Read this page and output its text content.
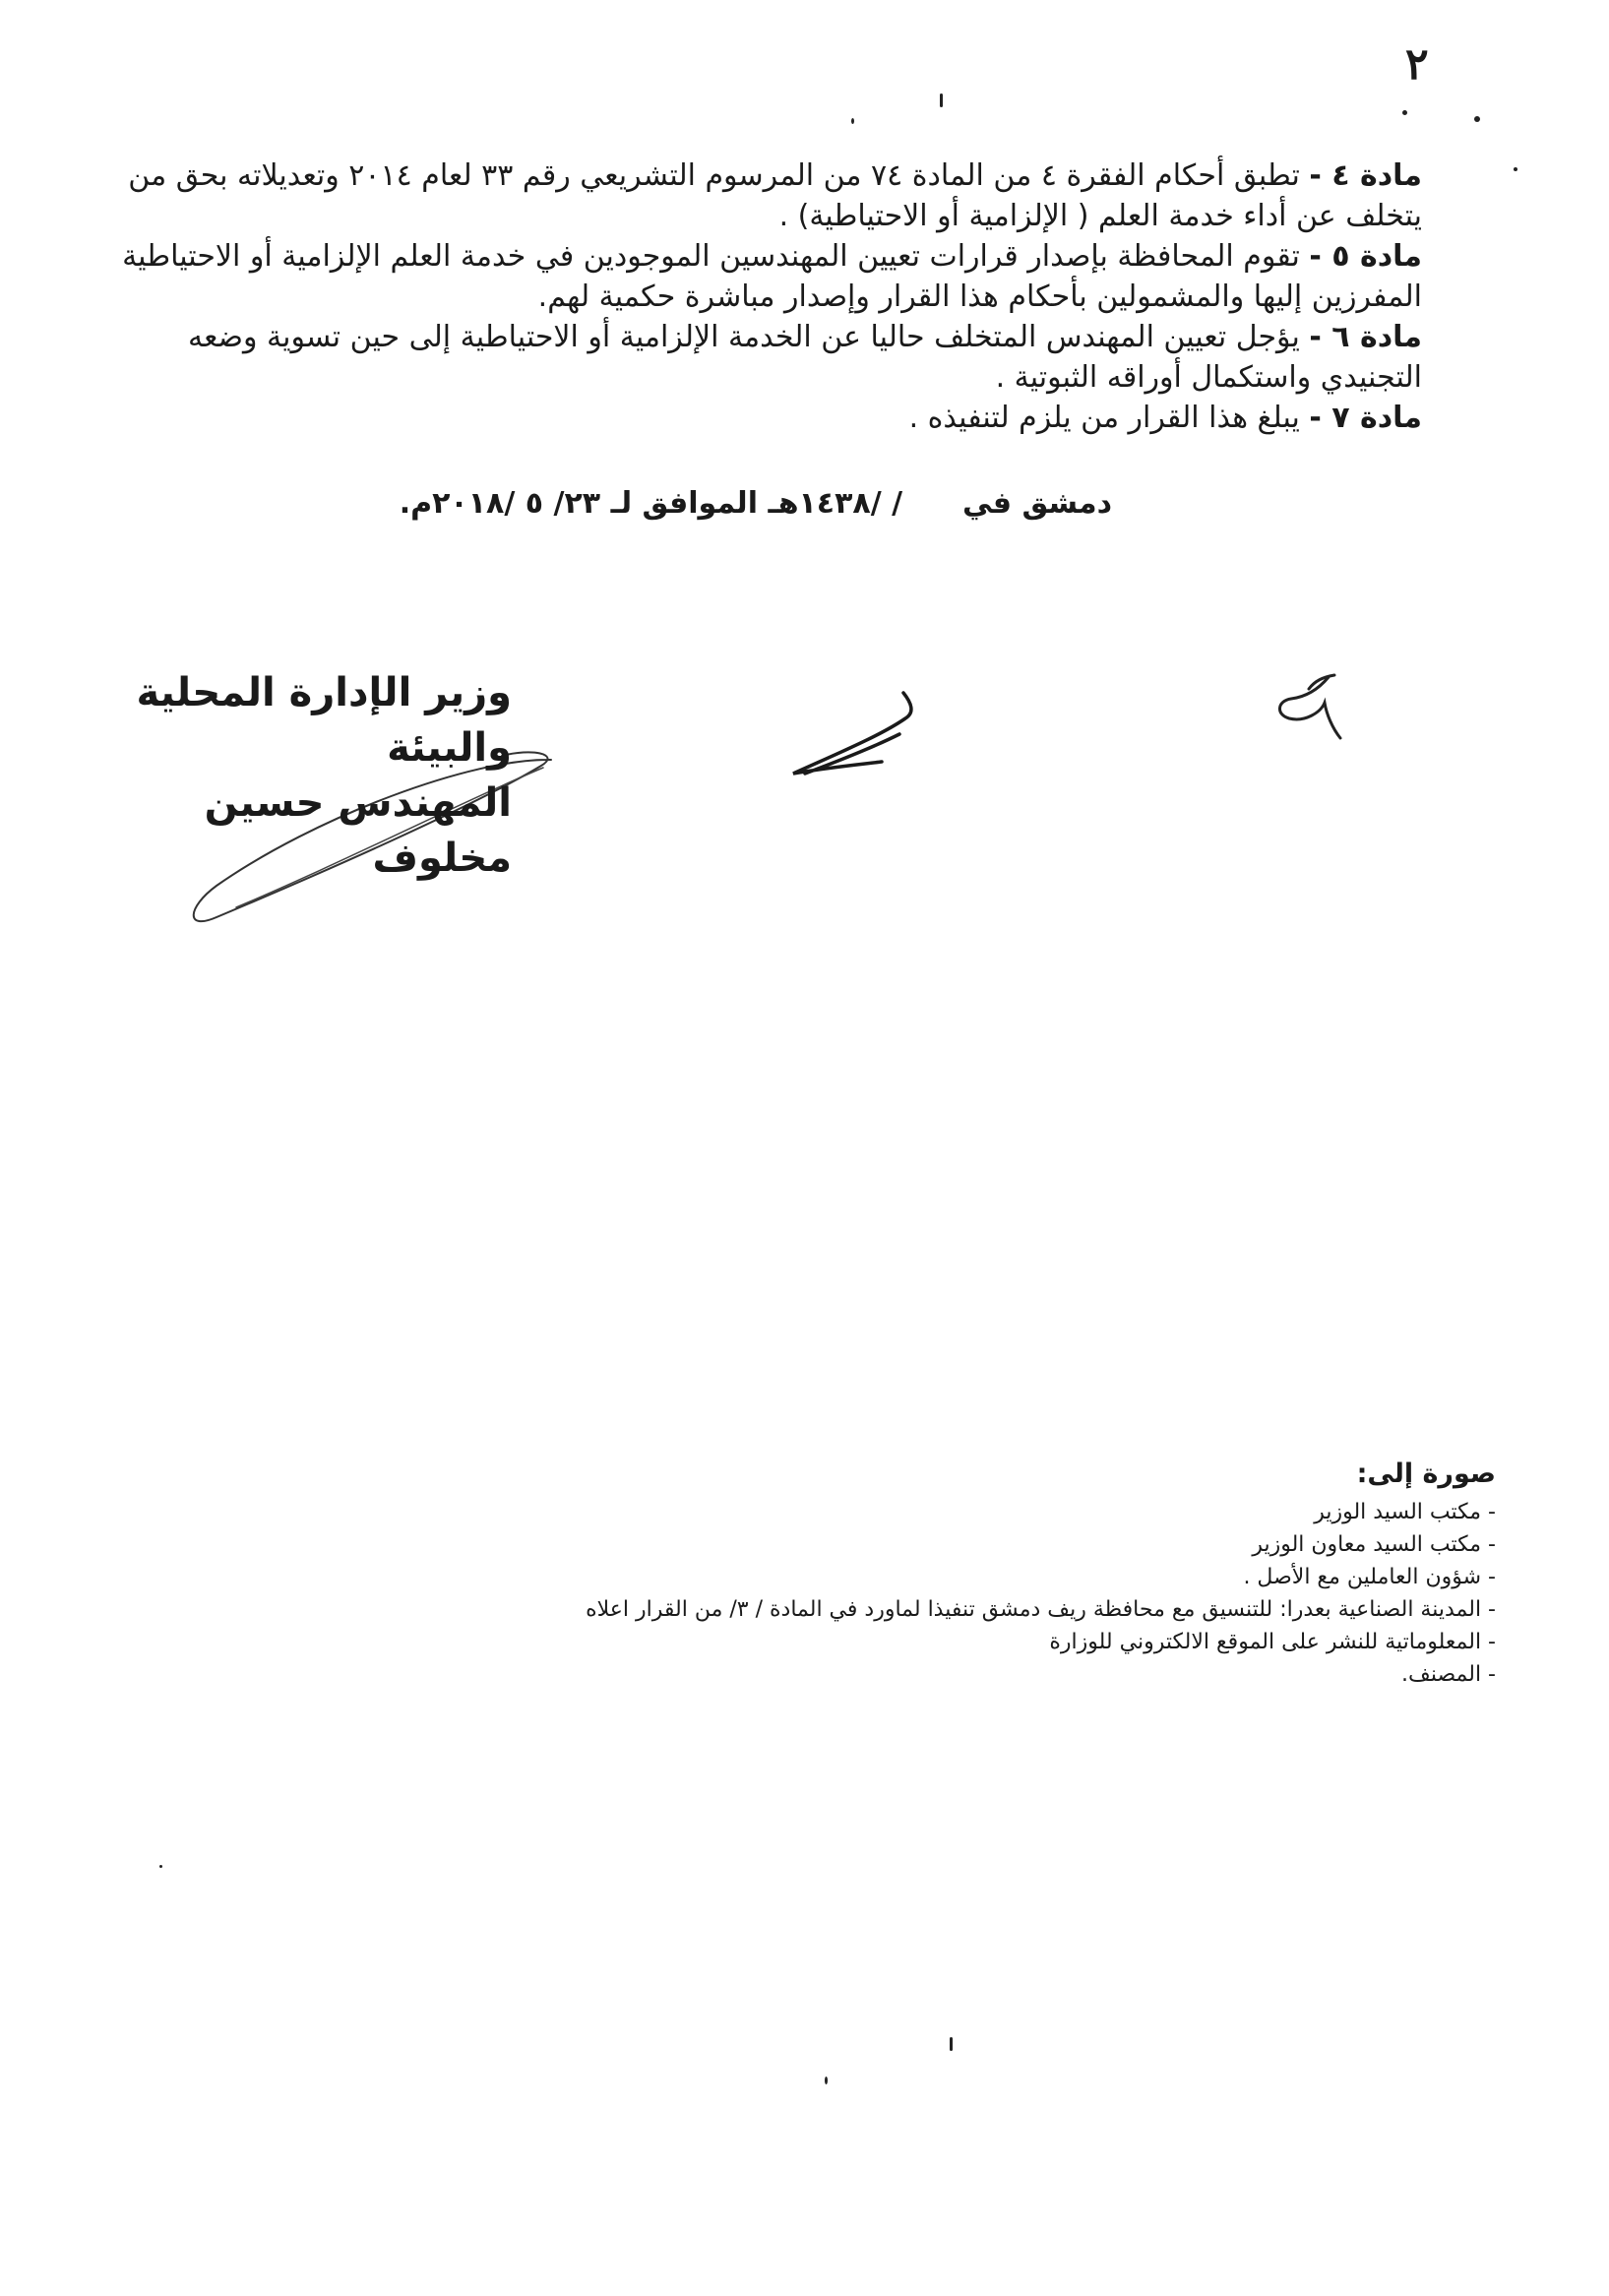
٢
مادة ٤ - تطبق أحكام الفقرة ٤ من المادة ٧٤ من المرسوم التشريعي رقم ٣٣ لعام ٢٠١٤ وتعديلاته بحق من
يتخلف عن أداء خدمة العلم ( الإلزامية أو الاحتياطية) .
مادة ٥ - تقوم المحافظة بإصدار قرارات تعيين المهندسين الموجودين في خدمة العلم الإلزامية أو الاحتياطية
المفرزين إليها والمشمولين بأحكام هذا القرار وإصدار مباشرة حكمية لهم.
مادة ٦ - يؤجل تعيين المهندس المتخلف حاليا عن الخدمة الإلزامية أو الاحتياطية إلى حين تسوية وضعه
التجنيدي واستكمال أوراقه الثبوتية .
مادة ٧ - يبلغ هذا القرار من يلزم لتنفيذه .
دمشق في  / /١٤٣٨هـ الموافق لـ ٢٣/ ٥ /٢٠١٨م.
وزير الإدارة المحلية والبيئة
المهندس حسين مخلوف
صورة إلى:
- مكتب السيد الوزير
- مكتب السيد معاون الوزير
- شؤون العاملين مع الأصل .
- المدينة الصناعية بعدرا: للتنسيق مع محافظة ريف دمشق تنفيذا لماورد في المادة / ٣/ من القرار اعلاه
- المعلوماتية للنشر على الموقع الالكتروني للوزارة
- المصنف.
